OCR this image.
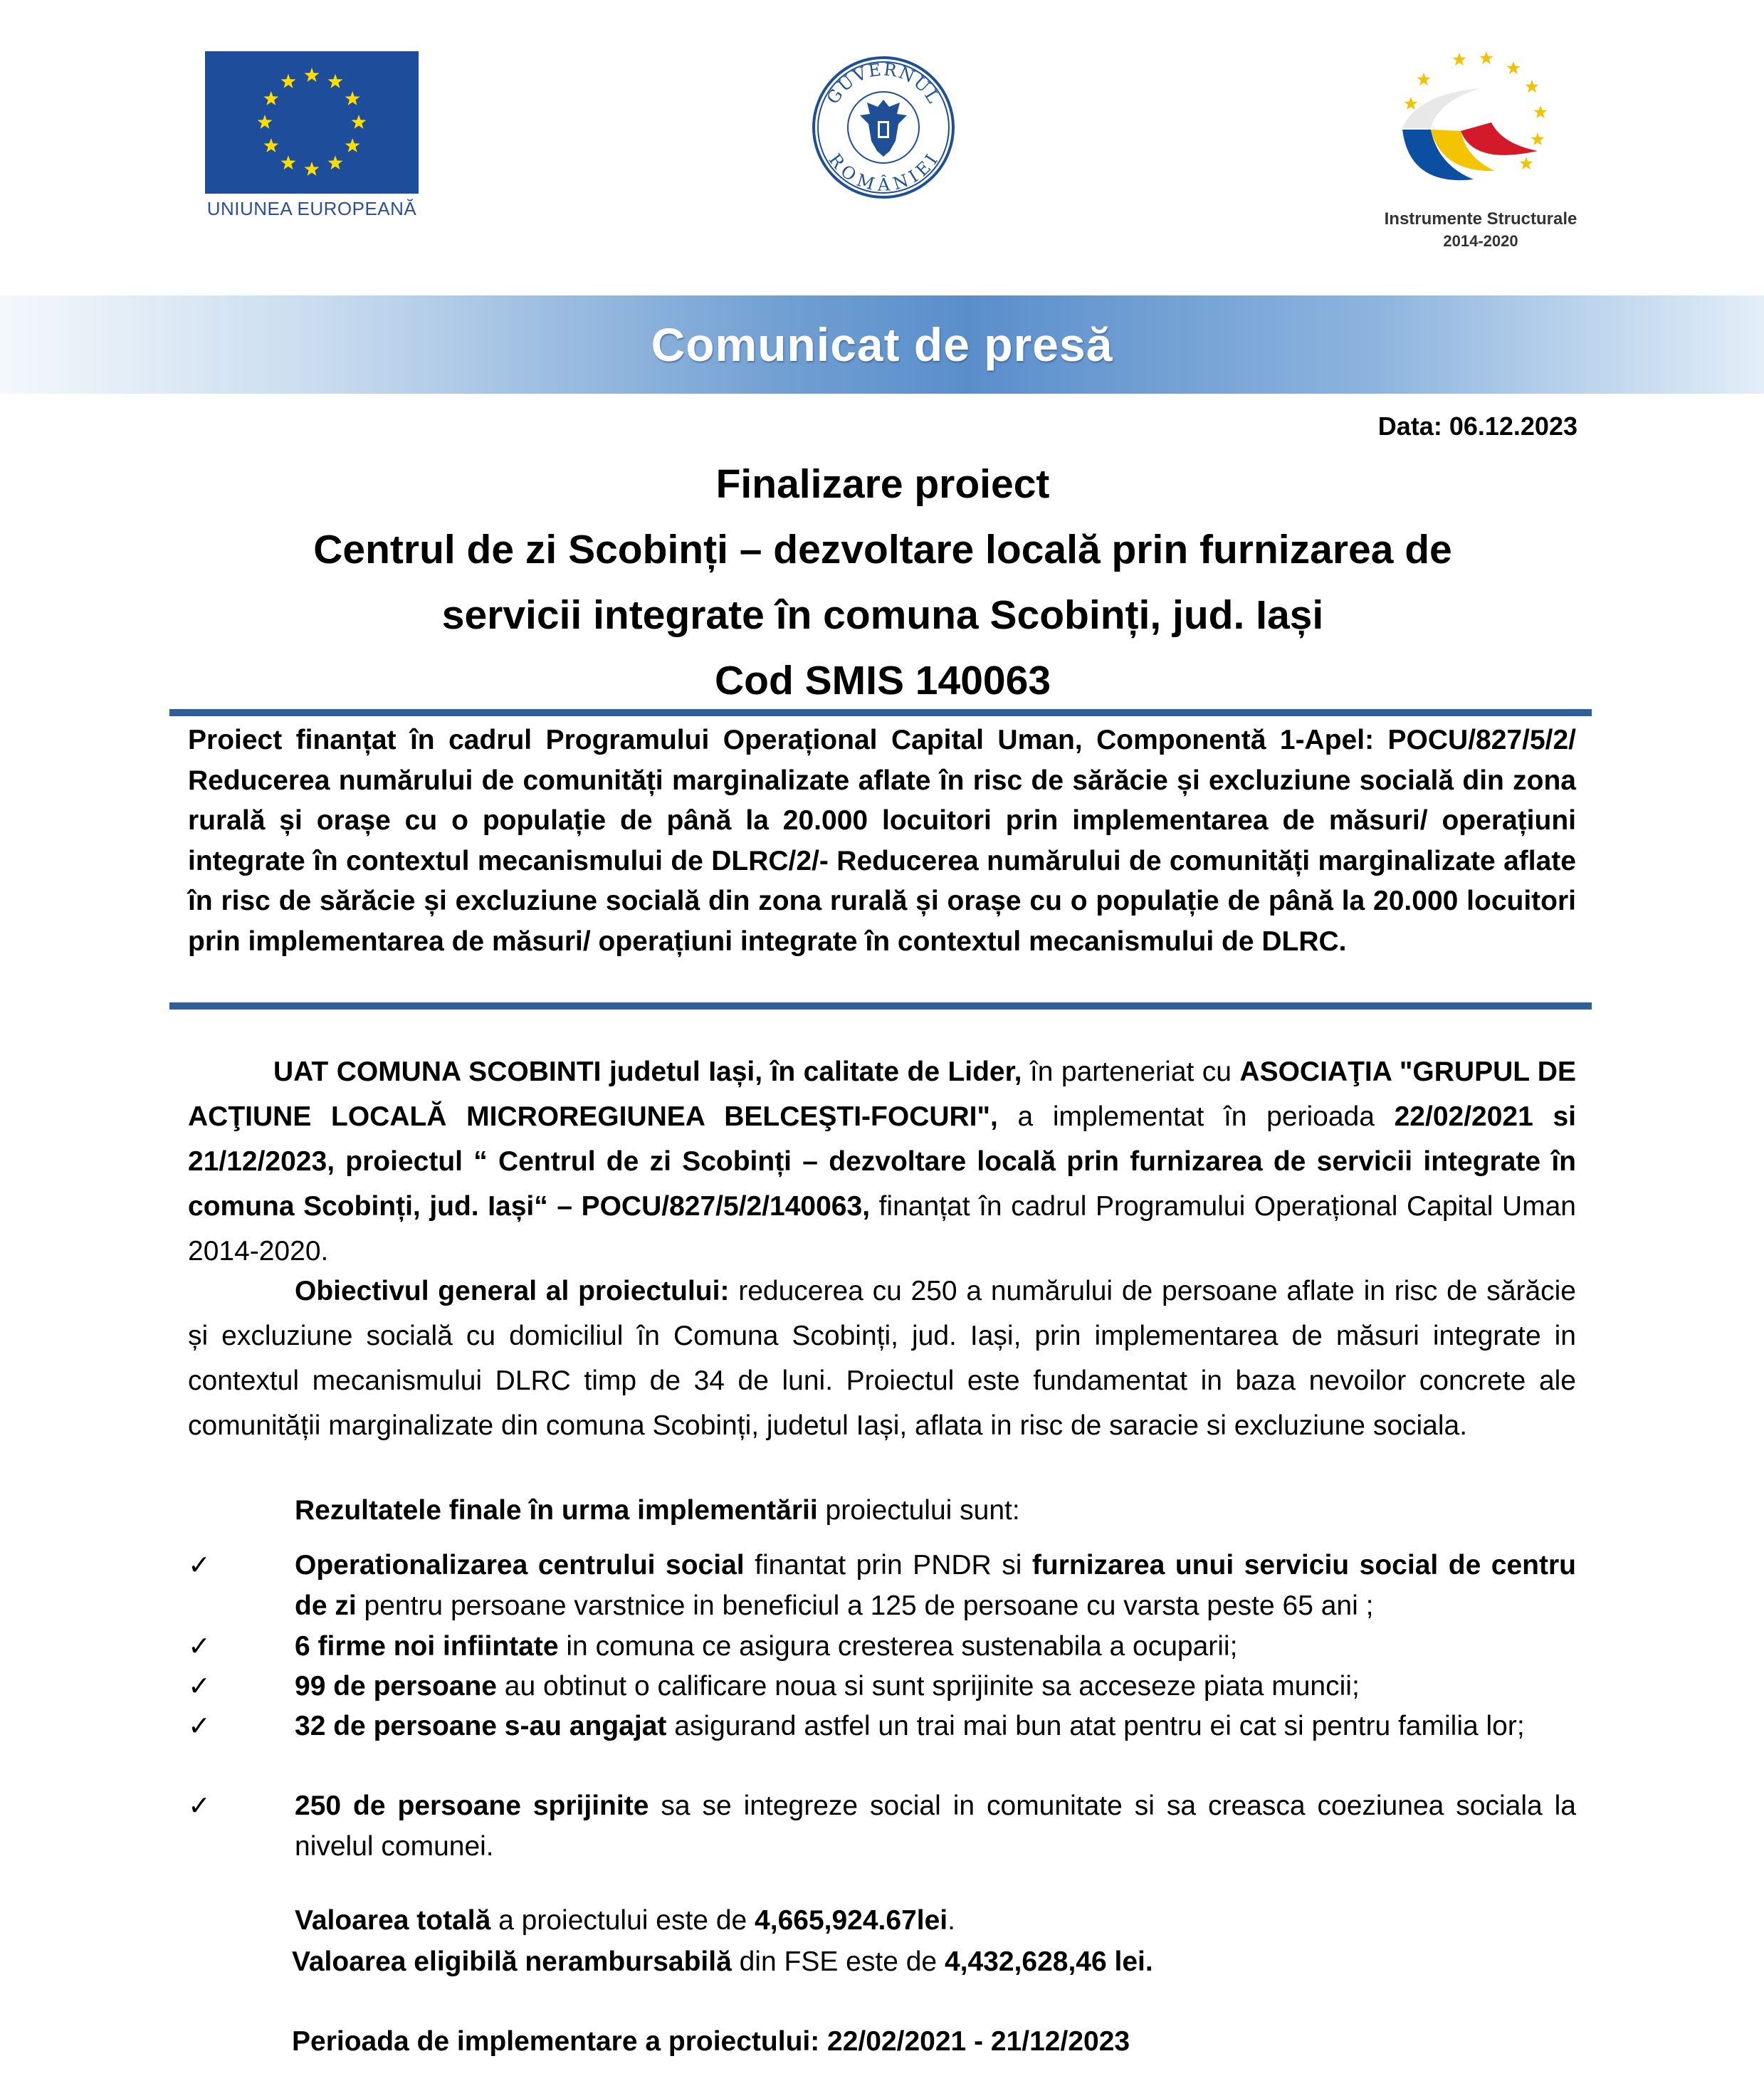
UNIUNEA EUROPEANĂ
GUVERNUL
ROMÂNIEI
Instrumente Structurale
2014-2020
Comunicat de presă
Data: 06.12.2023
Finalizare proiect
Centrul de zi Scobinți – dezvoltare locală prin furnizarea de
servicii integrate în comuna Scobinți, jud. Iași
Cod SMIS 140063
Proiect finanțat în cadrul Programului Operațional Capital Uman, Componentă 1-Apel: POCU/827/5/2/ Reducerea numărului de comunități marginalizate aflate în risc de sărăcie și excluziune socială din zona rurală și orașe cu o populație de până la 20.000 locuitori prin implementarea de măsuri/ operațiuni integrate în contextul mecanismului de DLRC/2/- Reducerea numărului de comunități marginalizate aflate în risc de sărăcie și excluziune socială din zona rurală și orașe cu o populație de până la 20.000 locuitori prin implementarea de măsuri/ operațiuni integrate în contextul mecanismului de DLRC.
UAT COMUNA SCOBINTI judetul Iași, în calitate de Lider, în parteneriat cu ASOCIAŢIA "GRUPUL DE ACŢIUNE LOCALĂ MICROREGIUNEA BELCEŞTI-FOCURI", a implementat în perioada 22/02/2021 si 21/12/2023, proiectul “ Centrul de zi Scobinți – dezvoltare locală prin furnizarea de servicii integrate în comuna Scobinți, jud. Iași“ – POCU/827/5/2/140063, finanțat în cadrul Programului Operațional Capital Uman 2014-2020.
Obiectivul general al proiectului: reducerea cu 250 a numărului de persoane aflate in risc de sărăcie și excluziune socială cu domiciliul în Comuna Scobinți, jud. Iași, prin implementarea de măsuri integrate in contextul mecanismului DLRC timp de 34 de luni. Proiectul este fundamentat in baza nevoilor concrete ale comunității marginalizate din comuna Scobinți, judetul Iași, aflata in risc de saracie si excluziune sociala.
Rezultatele finale în urma implementării proiectului sunt:
✓	Operationalizarea centrului social finantat prin PNDR si furnizarea unui serviciu social de centru de zi pentru persoane varstnice in beneficiul a 125 de persoane cu varsta peste 65 ani ;
✓	6 firme noi infiintate in comuna ce asigura cresterea sustenabila a ocuparii;
✓	99 de persoane au obtinut o calificare noua si sunt sprijinite sa acceseze piata muncii;
✓	32 de persoane s-au angajat asigurand astfel un trai mai bun atat pentru ei cat si pentru familia lor;
✓	250 de persoane sprijinite sa se integreze social in comunitate si sa creasca coeziunea sociala la nivelul comunei.
Valoarea totală a proiectului este de 4,665,924.67lei.
Valoarea eligibilă nerambursabilă din FSE este de 4,432,628,46 lei.
Perioada de implementare a proiectului: 22/02/2021 - 21/12/2023
